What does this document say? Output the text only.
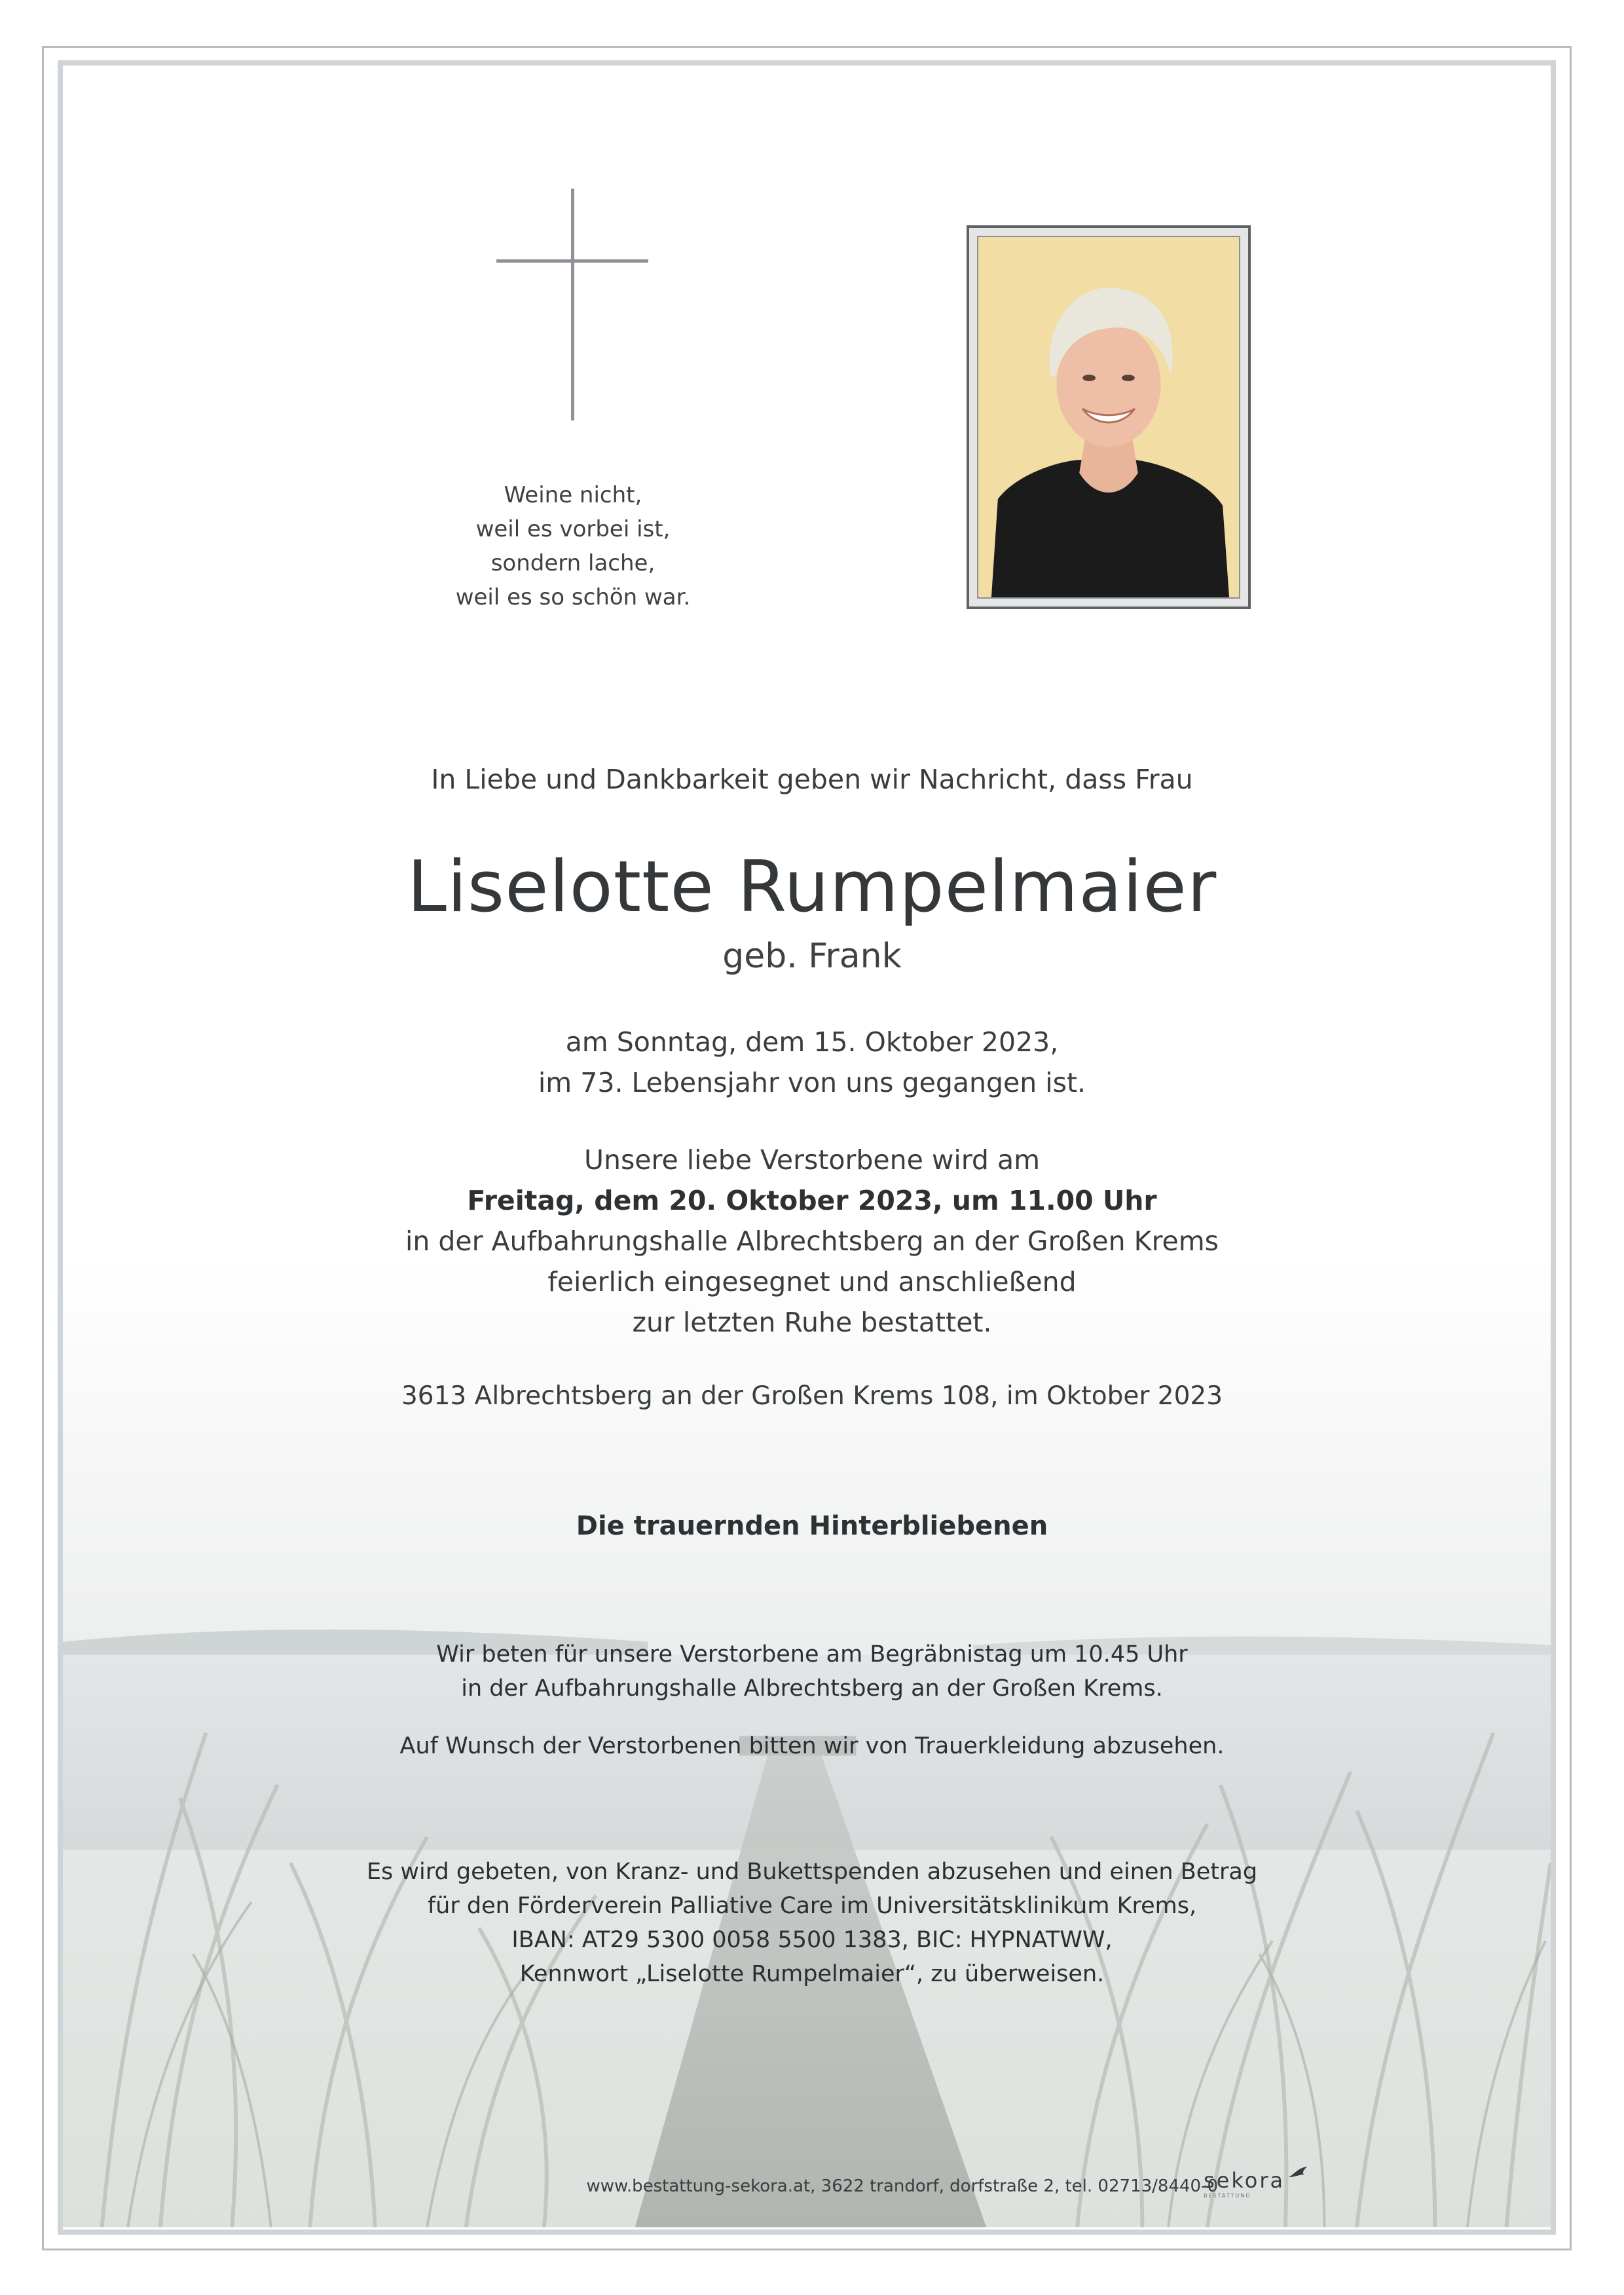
Weine nicht,
weil es vorbei ist,
sondern lache,
weil es so schön war.
In Liebe und Dankbarkeit geben wir Nachricht, dass Frau
Liselotte Rumpelmaier
geb. Frank
am Sonntag, dem 15. Oktober 2023,
im 73. Lebensjahr von uns gegangen ist.
Unsere liebe Verstorbene wird am
Freitag, dem 20. Oktober 2023, um 11.00 Uhr
in der Aufbahrungshalle Albrechtsberg an der Großen Krems
feierlich eingesegnet und anschließend
zur letzten Ruhe bestattet.
3613 Albrechtsberg an der Großen Krems 108, im Oktober 2023
Die trauernden Hinterbliebenen
Wir beten für unsere Verstorbene am Begräbnistag um 10.45 Uhr
in der Aufbahrungshalle Albrechtsberg an der Großen Krems.
Auf Wunsch der Verstorbenen bitten wir von Trauerkleidung abzusehen.
Es wird gebeten, von Kranz- und Bukettspenden abzusehen und einen Betrag
für den Förderverein Palliative Care im Universitätsklinikum Krems,
IBAN: AT29 5300 0058 5500 1383, BIC: HYPNATWW,
Kennwort „Liselotte Rumpelmaier“, zu überweisen.
www.bestattung-sekora.at, 3622 trandorf, dorfstraße 2, tel. 02713/8440-0
sekora
BESTATTUNG
